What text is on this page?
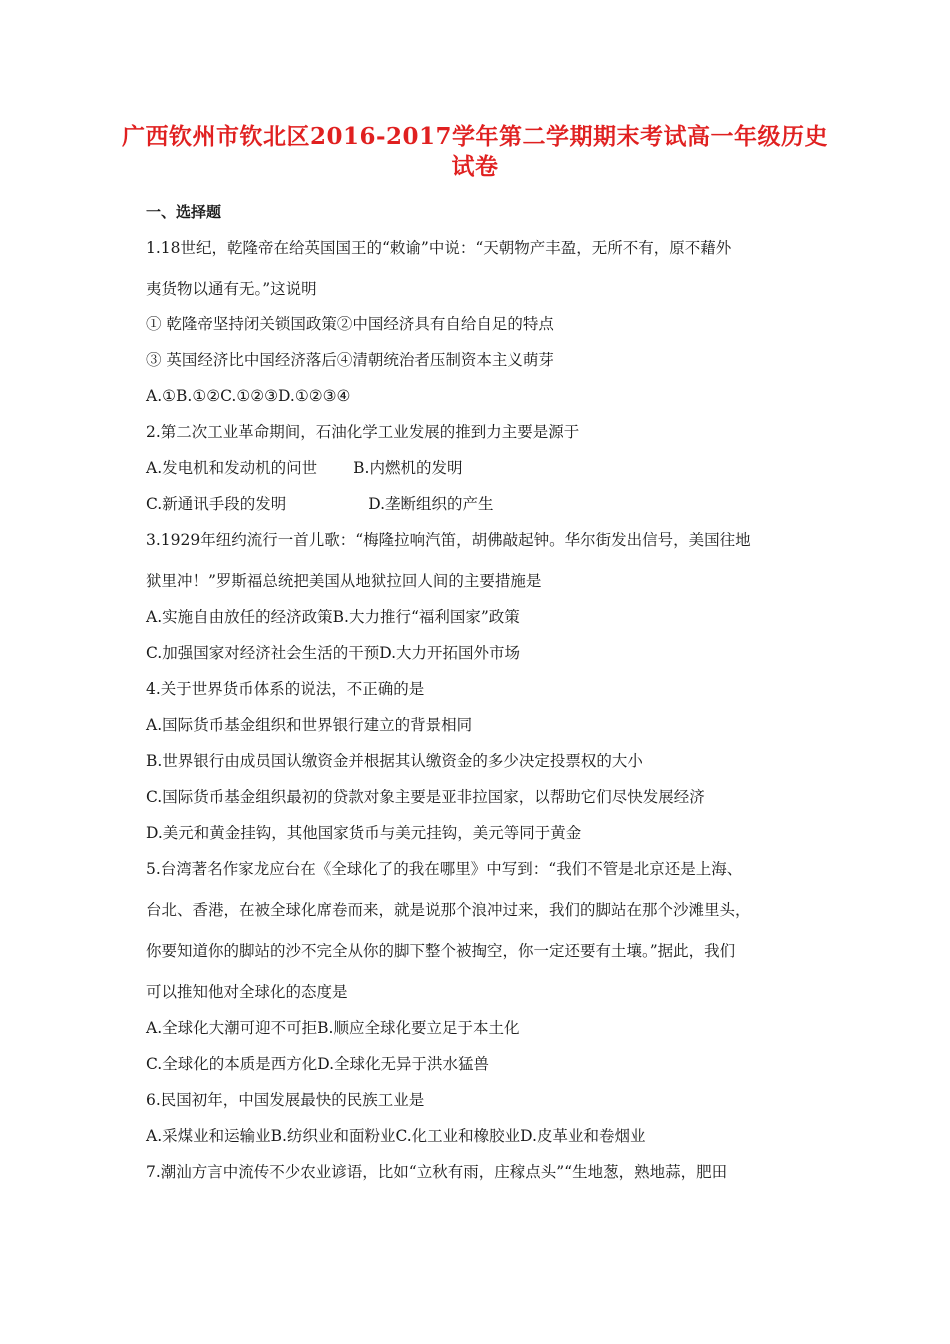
广西钦州市钦北区2016-2017学年第二学期期末考试高一年级历史
试卷
一、选择题
1.18世纪，乾隆帝在给英国国王的“敕谕”中说：“天朝物产丰盈，无所不有，原不藉外
夷货物以通有无。”这说明
① 乾隆帝坚持闭关锁国政策②中国经济具有自给自足的特点
③ 英国经济比中国经济落后④清朝统治者压制资本主义萌芽
A.①B.①②C.①②③D.①②③④
2.第二次工业革命期间，石油化学工业发展的推到力主要是源于
A.发电机和发动机的问世 B.内燃机的发明
C.新通讯手段的发明	D.垄断组织的产生
3.1929年纽约流行一首儿歌：“梅隆拉响汽笛，胡佛敲起钟。华尔街发出信号，美国往地
狱里冲！”罗斯福总统把美国从地狱拉回人间的主要措施是
A.实施自由放任的经济政策B.大力推行“福利国家”政策
C.加强国家对经济社会生活的干预D.大力开拓国外市场
4.关于世界货币体系的说法，不正确的是
A.国际货币基金组织和世界银行建立的背景相同
B.世界银行由成员国认缴资金并根据其认缴资金的多少决定投票权的大小
C.国际货币基金组织最初的贷款对象主要是亚非拉国家，以帮助它们尽快发展经济
D.美元和黄金挂钩，其他国家货币与美元挂钩，美元等同于黄金
5.台湾著名作家龙应台在《全球化了的我在哪里》中写到：“我们不管是北京还是上海、
台北、香港，在被全球化席卷而来，就是说那个浪冲过来，我们的脚站在那个沙滩里头，
你要知道你的脚站的沙不完全从你的脚下整个被掏空，你一定还要有土壤。”据此，我们
可以推知他对全球化的态度是
A.全球化大潮可迎不可拒B.顺应全球化要立足于本土化
C.全球化的本质是西方化D.全球化无异于洪水猛兽
6.民国初年，中国发展最快的民族工业是
A.采煤业和运输业B.纺织业和面粉业C.化工业和橡胶业D.皮革业和卷烟业
7.潮汕方言中流传不少农业谚语，比如“立秋有雨，庄稼点头”“生地葱，熟地蒜，肥田
